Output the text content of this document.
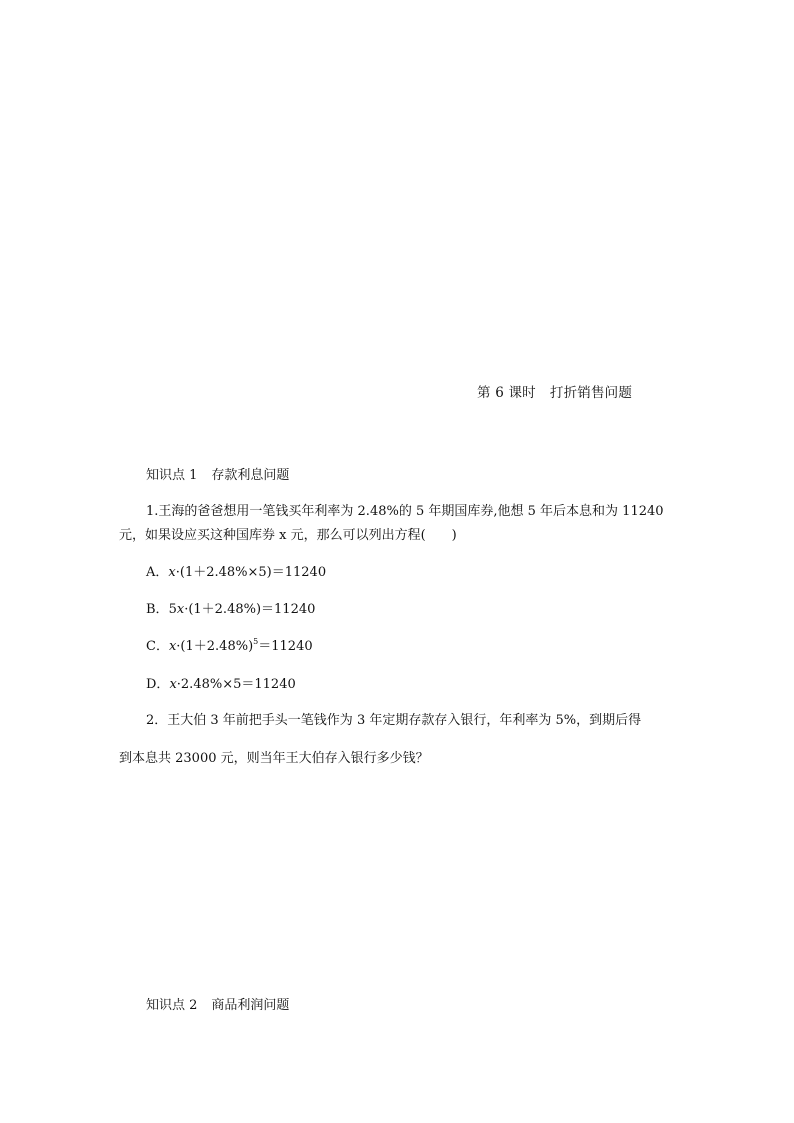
第 6 课时 打折销售问题
知识点 1 存款利息问题
1.王海的爸爸想用一笔钱买年利率为 2.48%的 5 年期国库券,他想 5 年后本息和为 11240
元，如果设应买这种国库券 x 元，那么可以列出方程(　　)
A．x·(1＋2.48%×5)＝11240
B．5x·(1＋2.48%)＝11240
C．$x\cdot(1+2.48\%)^5=11240$
D．x·2.48%×5＝11240
2．王大伯 3 年前把手头一笔钱作为 3 年定期存款存入银行，年利率为 5%，到期后得
到本息共 23000 元，则当年王大伯存入银行多少钱？
知识点 2 商品利润问题
